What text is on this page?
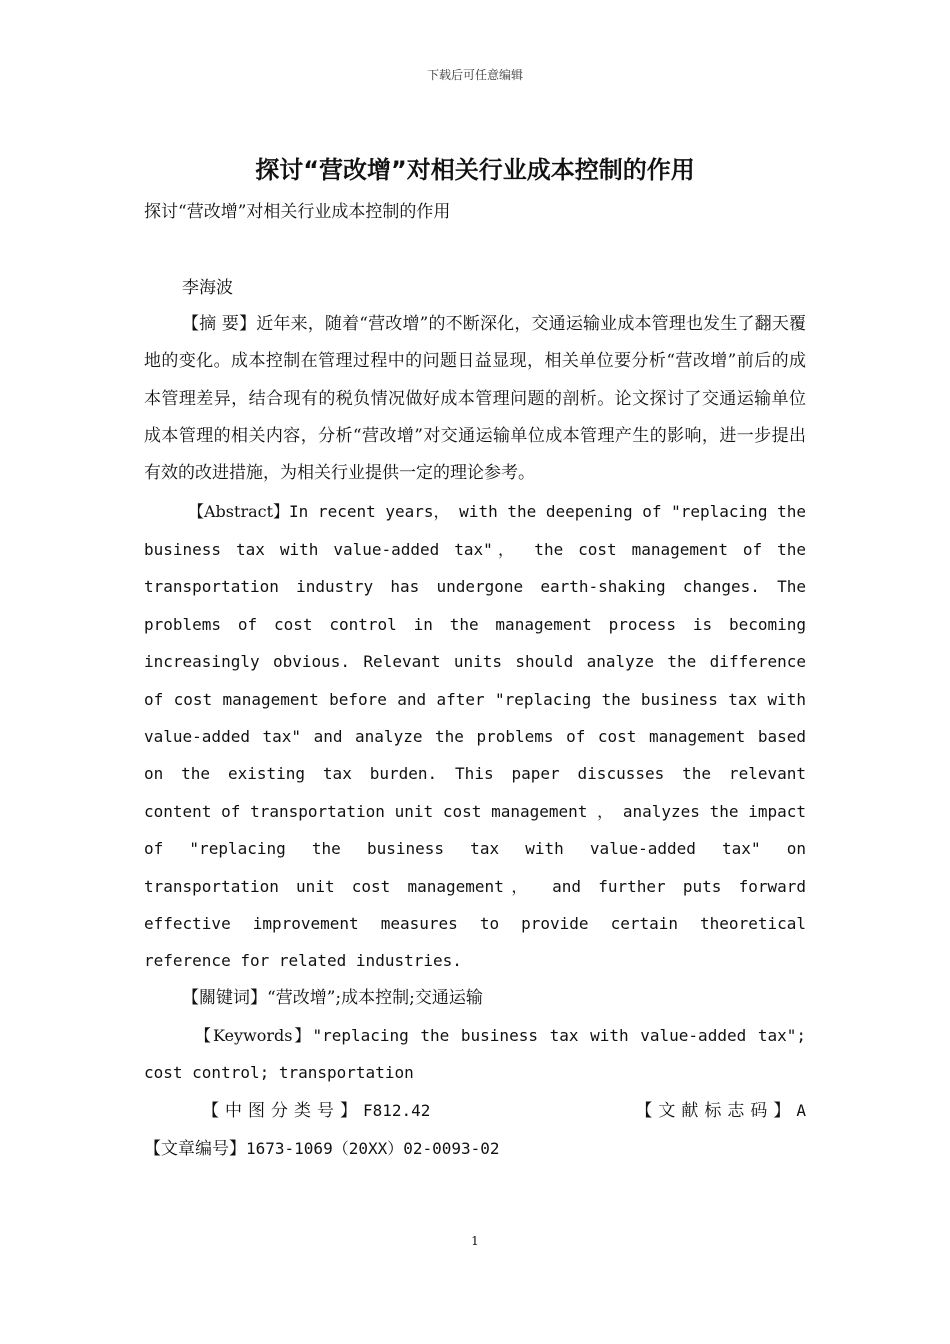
下载后可任意编辑
探讨“营改增”对相关行业成本控制的作用

探讨“营改增”对相关行业成本控制的作用

李海波

【摘 要】近年来，随着“营改增”的不断深化，交通运输业成本管理也发生了翻天覆地的变化。成本控制在管理过程中的问题日益显现，相关单位要分析“营改增”前后的成本管理差异，结合现有的税负情况做好成本管理问题的剖析。论文探讨了交通运输单位成本管理的相关内容，分析“营改增”对交通运输单位成本管理产生的影响，进一步提出有效的改进措施，为相关行业提供一定的理论参考。

【Abstract】In recent years， with the deepening of "replacing the business tax with value-added tax"， the cost management of the transportation industry has undergone earth-shaking changes. The problems of cost control in the management process is becoming increasingly obvious. Relevant units should analyze the difference of cost management before and after "replacing the business tax with value-added tax" and analyze the problems of cost management based on the existing tax burden. This paper discusses the relevant content of transportation unit cost management ， analyzes the impact of "replacing the business tax with value-added tax" on transportation unit cost management， and further puts forward effective improvement measures to provide certain theoretical reference for related industries.

【關键词】“营改增”;成本控制;交通运输

【Keywords】"replacing the business tax with value-added tax"; cost control; transportation

【中图分类号】F812.42	【文献标志码】A

【文章编号】1673-1069（20XX）02-0093-02

1
